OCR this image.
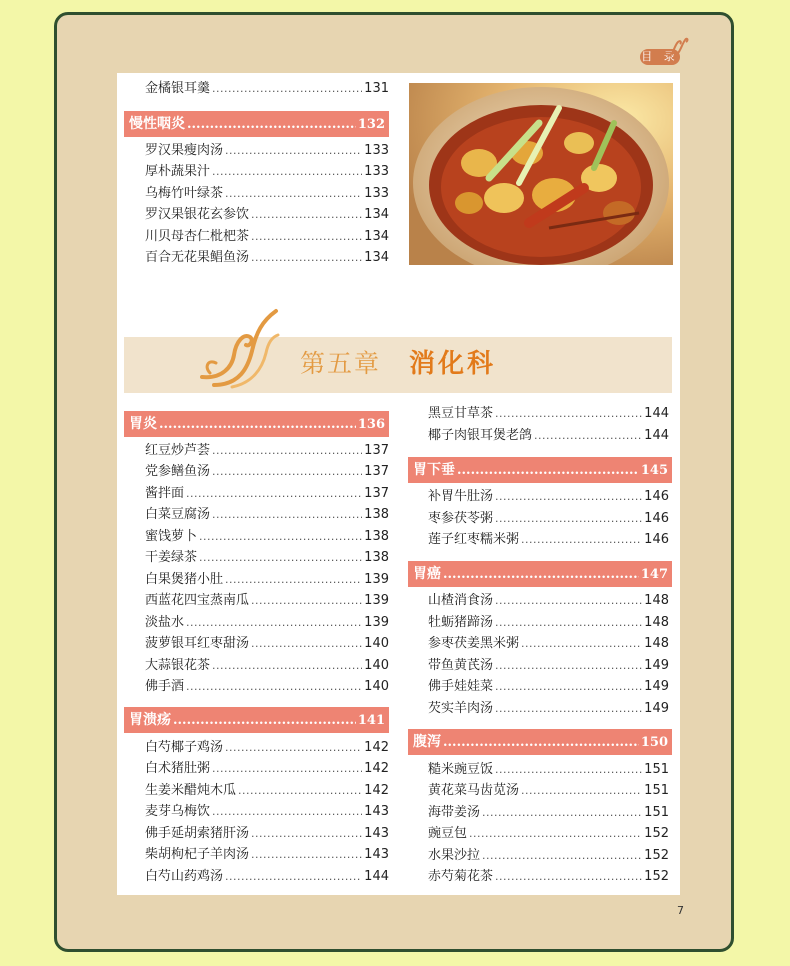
目 录
金橘银耳羹 .....	131
慢性咽炎 .....	132
罗汉果瘦肉汤 .....	133
厚朴蔬果汁 .....	133
乌梅竹叶绿茶 .....	133
罗汉果银花玄参饮 .....	134
川贝母杏仁枇杷茶 .....	134
百合无花果鲳鱼汤 .....	134
第五章 消化科
胃炎 .....	136
红豆炒芦荟 .....	137
党参鳝鱼汤 .....	137
酱拌面 .....	137
白菜豆腐汤 .....	138
蜜饯萝卜 .....	138
干姜绿茶 .....	138
白果煲猪小肚 .....	139
西蓝花四宝蒸南瓜 .....	139
淡盐水 .....	139
菠萝银耳红枣甜汤 .....	140
大蒜银花茶 .....	140
佛手酒 .....	140
胃溃疡 .....	141
白芍椰子鸡汤 .....	142
白术猪肚粥 .....	142
生姜米醋炖木瓜 .....	142
麦芽乌梅饮 .....	143
佛手延胡索猪肝汤 .....	143
柴胡枸杞子羊肉汤 .....	143
白芍山药鸡汤 .....	144
黑豆甘草茶 .....	144
椰子肉银耳煲老鸽 .....	144
胃下垂 .....	145
补胃牛肚汤 .....	146
枣参茯苓粥 .....	146
莲子红枣糯米粥 .....	146
胃癌 .....	147
山楂消食汤 .....	148
牡蛎猪蹄汤 .....	148
参枣茯姜黑米粥 .....	148
带鱼黄芪汤 .....	149
佛手娃娃菜 .....	149
芡实羊肉汤 .....	149
腹泻 .....	150
糙米豌豆饭 .....	151
黄花菜马齿苋汤 .....	151
海带姜汤 .....	151
豌豆包 .....	152
水果沙拉 .....	152
赤芍菊花茶 .....	152
7
